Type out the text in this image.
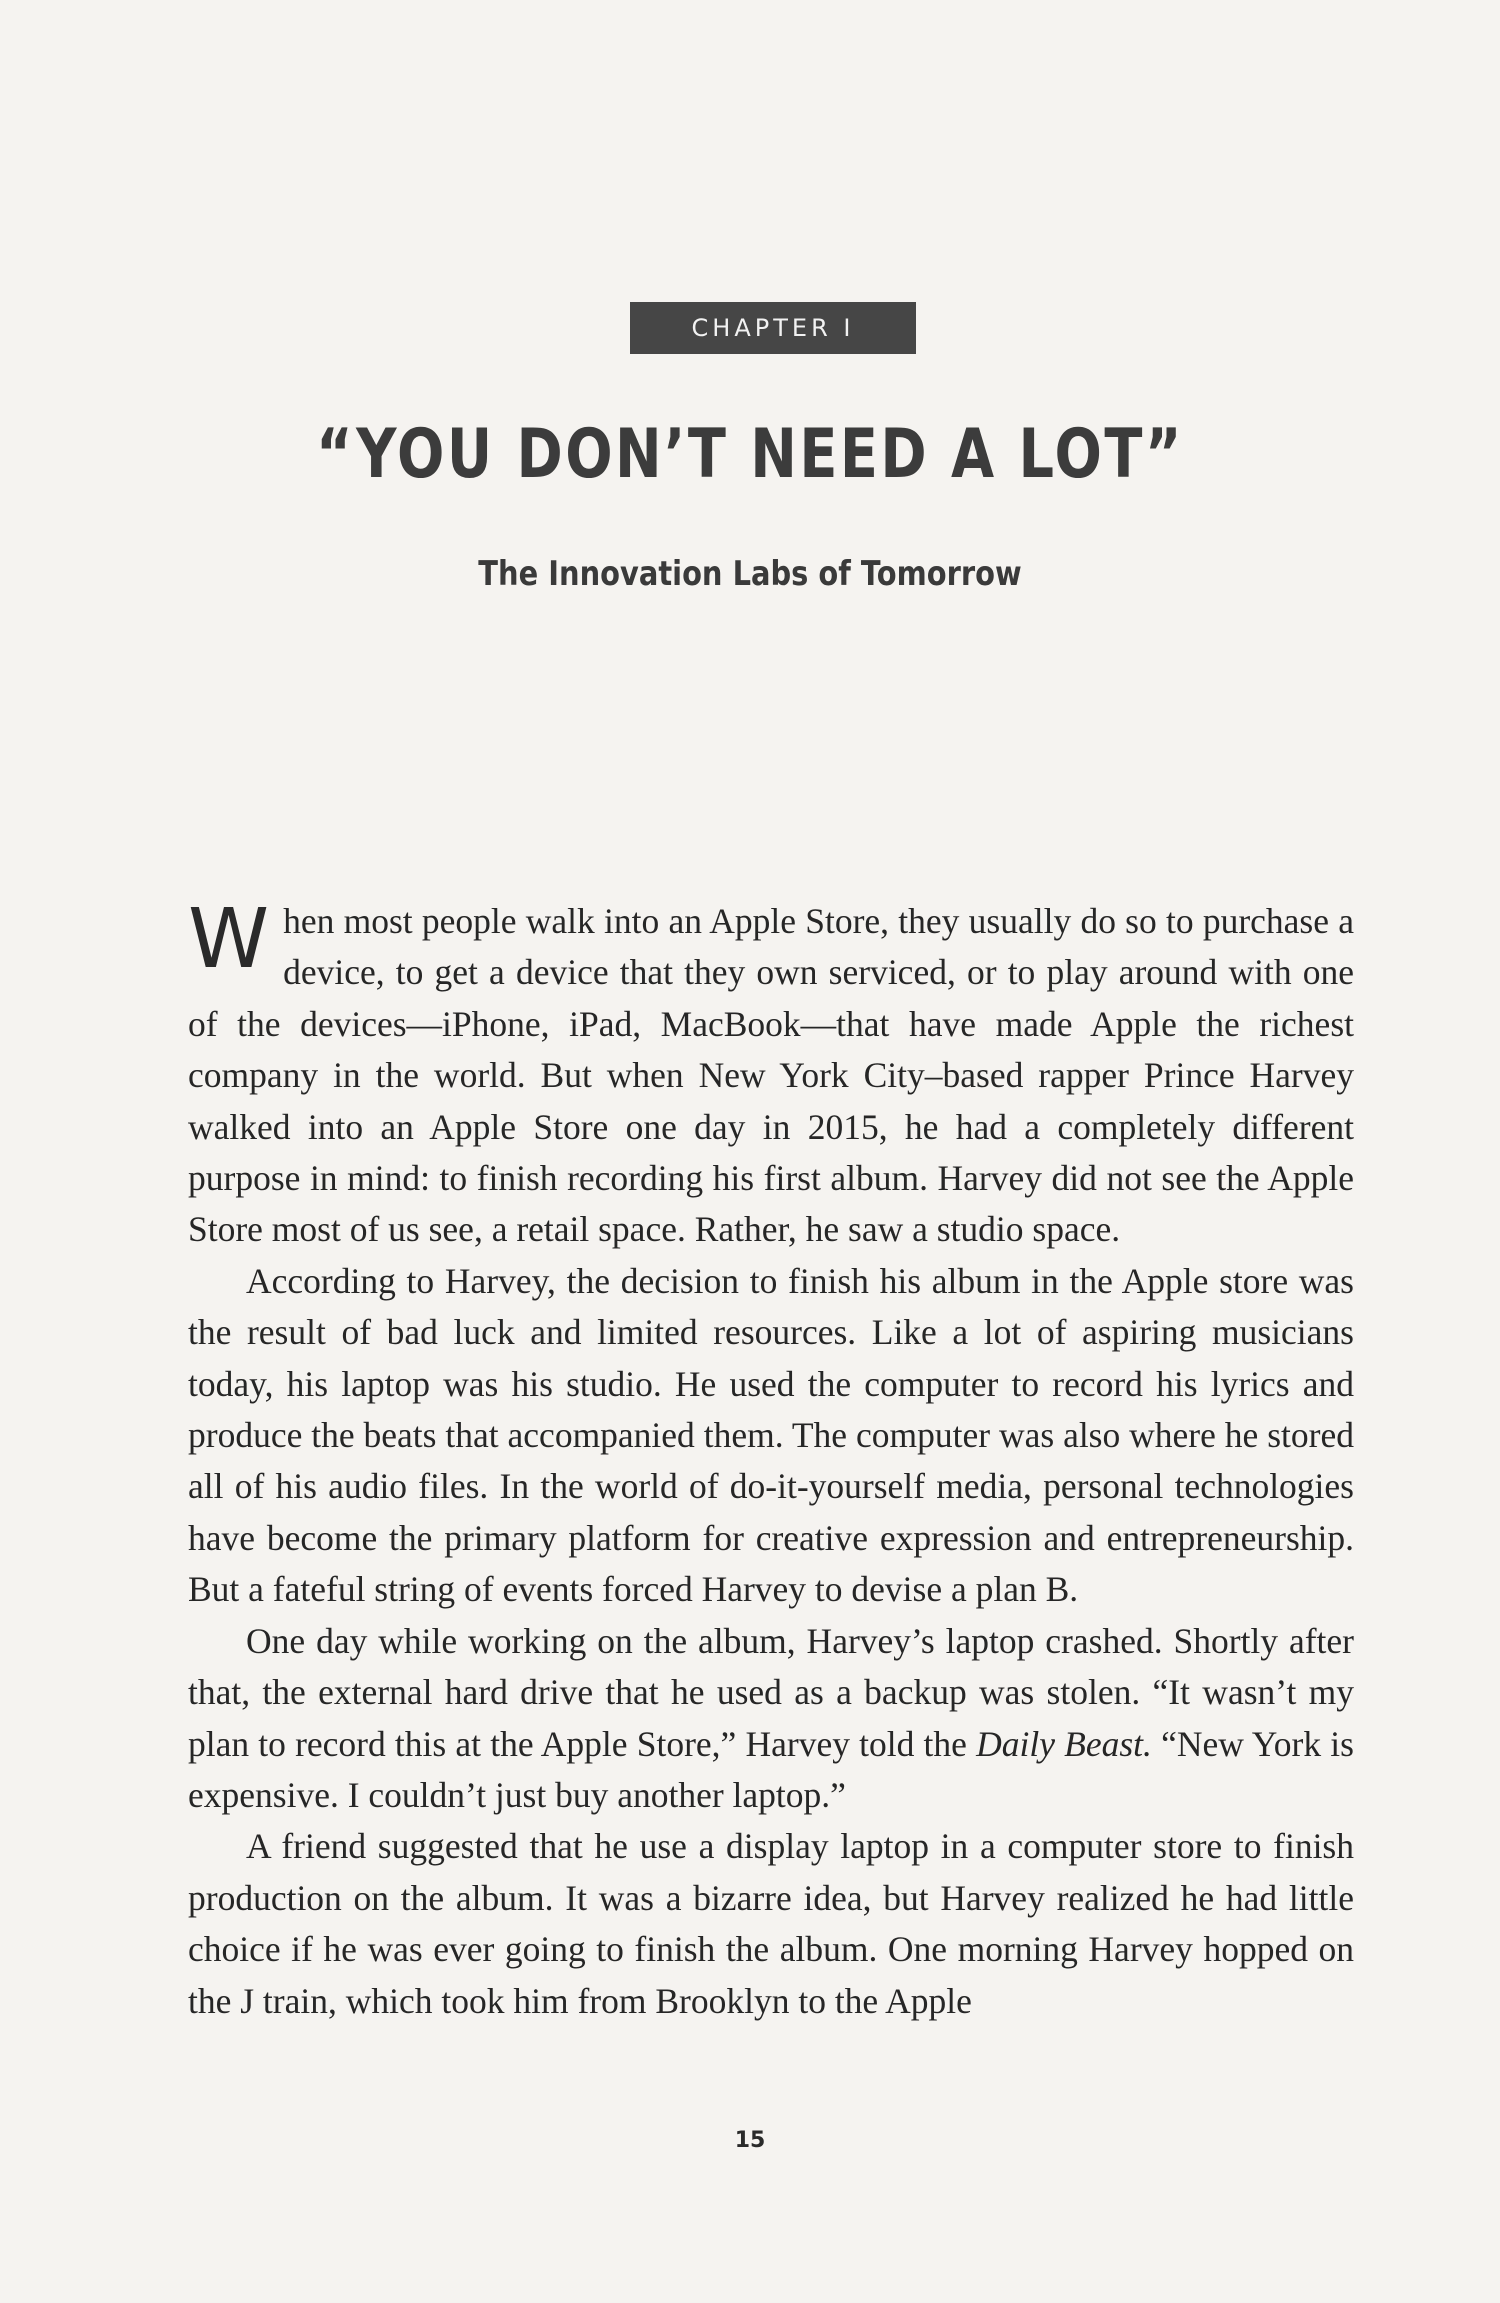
CHAPTER I
“YOU DON’T NEED A LOT”
The Innovation Labs of Tomorrow

When most people walk into an Apple Store, they usually do so to purchase a device, to get a device that they own serviced, or to play around with one of the devices—iPhone, iPad, MacBook—that have made Apple the richest company in the world. But when New York City–based rapper Prince Harvey walked into an Apple Store one day in 2015, he had a completely different purpose in mind: to finish recording his first album. Harvey did not see the Apple Store most of us see, a retail space. Rather, he saw a studio space.

According to Harvey, the decision to finish his album in the Apple store was the result of bad luck and limited resources. Like a lot of aspiring musicians today, his laptop was his studio. He used the computer to record his lyrics and produce the beats that accompanied them. The computer was also where he stored all of his audio files. In the world of do-it-yourself media, personal technologies have become the primary platform for creative expression and entrepreneurship. But a fateful string of events forced Harvey to devise a plan B.

One day while working on the album, Harvey’s laptop crashed. Shortly after that, the external hard drive that he used as a backup was stolen. “It wasn’t my plan to record this at the Apple Store,” Harvey told the Daily Beast. “New York is expensive. I couldn’t just buy another laptop.”

A friend suggested that he use a display laptop in a computer store to finish production on the album. It was a bizarre idea, but Harvey realized he had little choice if he was ever going to finish the album. One morning Harvey hopped on the J train, which took him from Brooklyn to the Apple

15
